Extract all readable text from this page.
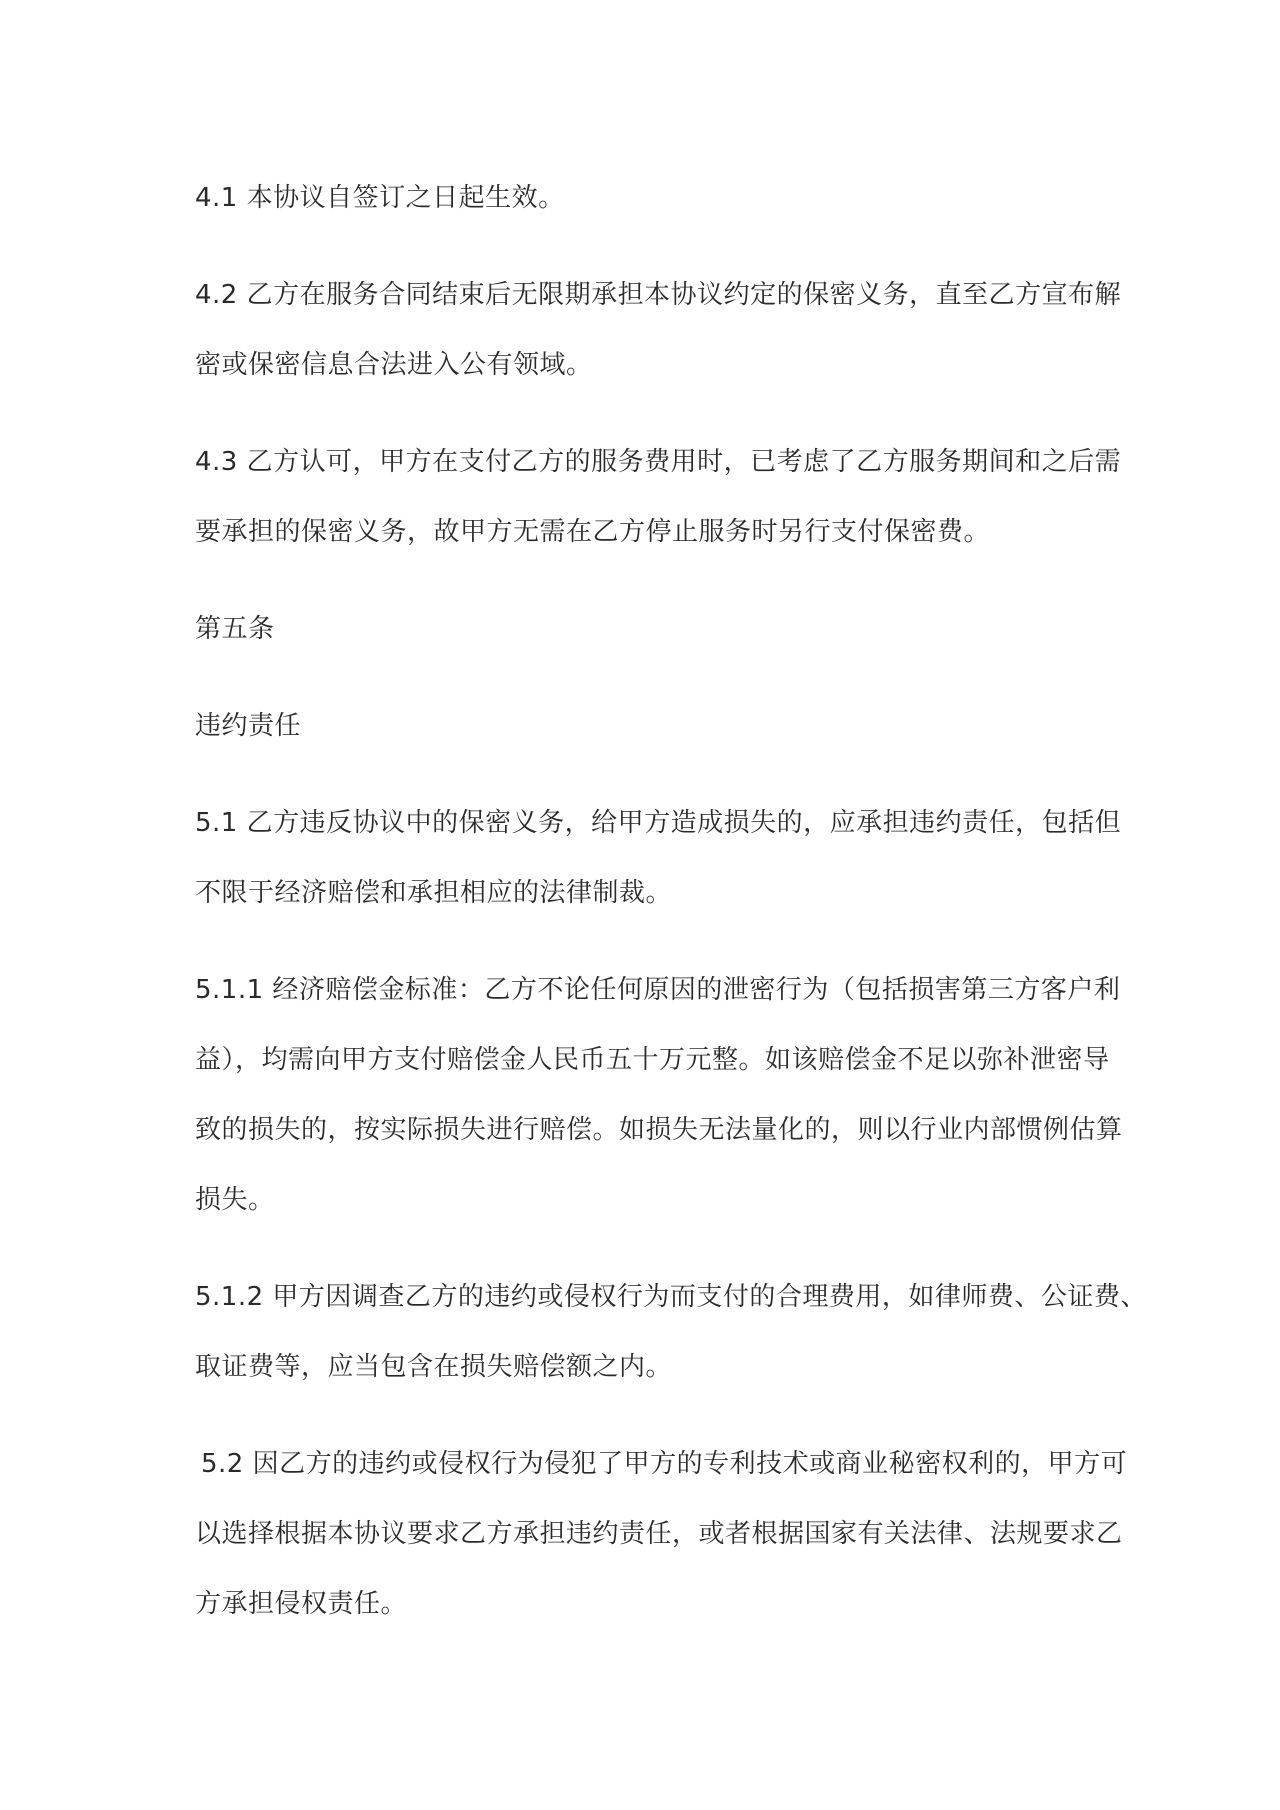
4.1 本协议自签订之日起生效。

4.2 乙方在服务合同结束后无限期承担本协议约定的保密义务，直至乙方宣布解
密或保密信息合法进入公有领域。

4.3 乙方认可，甲方在支付乙方的服务费用时，已考虑了乙方服务期间和之后需
要承担的保密义务，故甲方无需在乙方停止服务时另行支付保密费。

第五条

违约责任

5.1 乙方违反协议中的保密义务，给甲方造成损失的，应承担违约责任，包括但
不限于经济赔偿和承担相应的法律制裁。

5.1.1 经济赔偿金标准：乙方不论任何原因的泄密行为（包括损害第三方客户利
益），均需向甲方支付赔偿金人民币五十万元整。如该赔偿金不足以弥补泄密导
致的损失的，按实际损失进行赔偿。如损失无法量化的，则以行业内部惯例估算
损失。

5.1.2 甲方因调查乙方的违约或侵权行为而支付的合理费用，如律师费、公证费、
取证费等，应当包含在损失赔偿额之内。

5.2 因乙方的违约或侵权行为侵犯了甲方的专利技术或商业秘密权利的，甲方可
以选择根据本协议要求乙方承担违约责任，或者根据国家有关法律、法规要求乙
方承担侵权责任。
